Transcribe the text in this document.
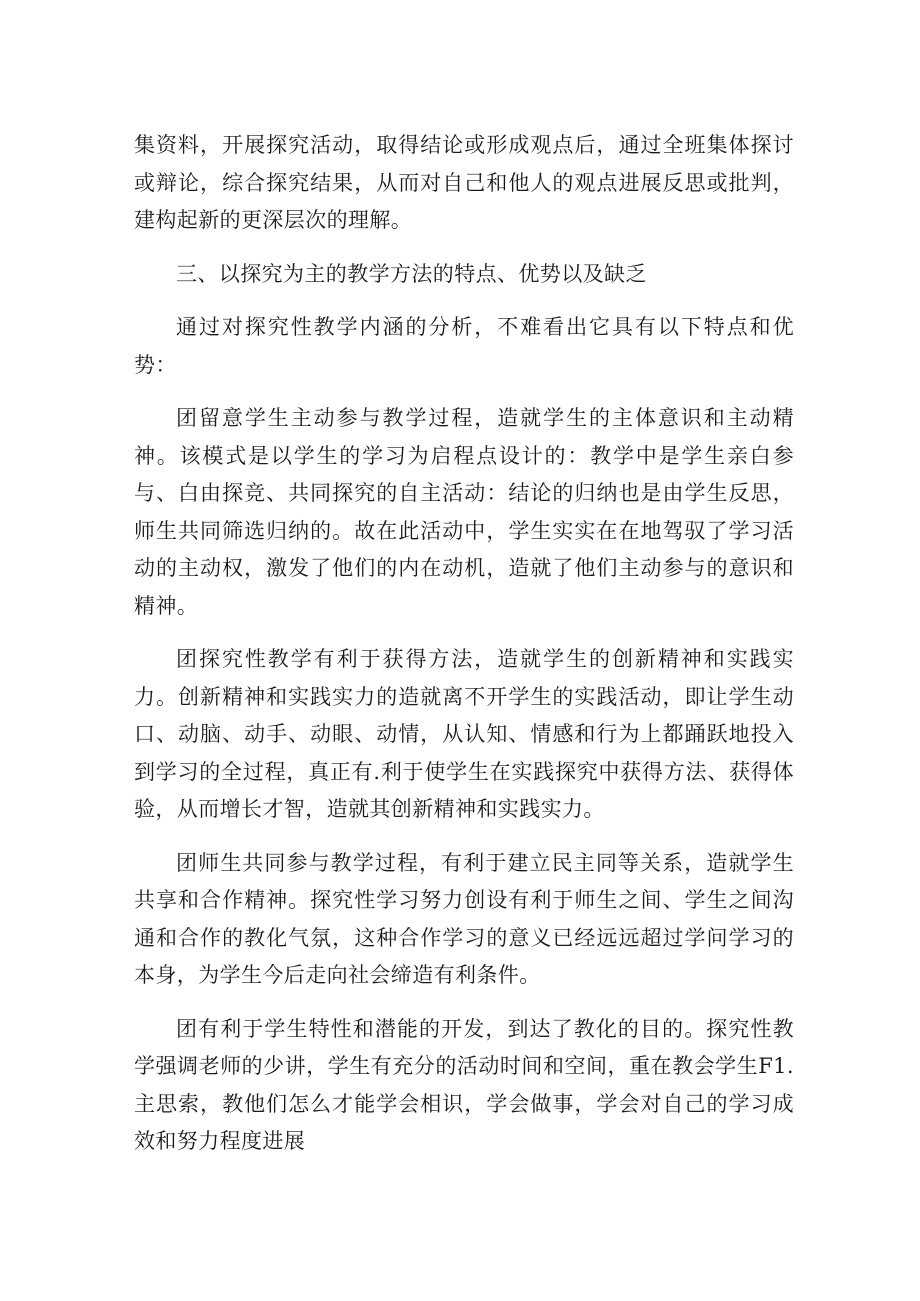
集资料，开展探究活动，取得结论或形成观点后，通过全班集体探讨或辩论，综合探究结果，从而对自己和他人的观点进展反思或批判，建构起新的更深层次的理解。

三、以探究为主的教学方法的特点、优势以及缺乏

通过对探究性教学内涵的分析，不难看出它具有以下特点和优势：

团留意学生主动参与教学过程，造就学生的主体意识和主动精神。该模式是以学生的学习为启程点设计的：教学中是学生亲白参与、白由探竞、共同探究的自主活动：结论的归纳也是由学生反思，师生共同筛选归纳的。故在此活动中，学生实实在在地驾驭了学习活动的主动权，激发了他们的内在动机，造就了他们主动参与的意识和精神。

团探究性教学有利于获得方法，造就学生的创新精神和实践实力。创新精神和实践实力的造就离不开学生的实践活动，即让学生动口、动脑、动手、动眼、动情，从认知、情感和行为上都踊跃地投入到学习的全过程，真正有.利于使学生在实践探究中获得方法、获得体验，从而增长才智，造就其创新精神和实践实力。

团师生共同参与教学过程，有利于建立民主同等关系，造就学生共享和合作精神。探究性学习努力创设有利于师生之间、学生之间沟通和合作的教化气氛，这种合作学习的意义已经远远超过学问学习的本身，为学生今后走向社会缔造有利条件。

团有利于学生特性和潜能的开发，到达了教化的目的。探究性教学强调老师的少讲，学生有充分的活动时间和空间，重在教会学生F1.主思索，教他们怎么才能学会相识，学会做事，学会对自己的学习成效和努力程度进展
